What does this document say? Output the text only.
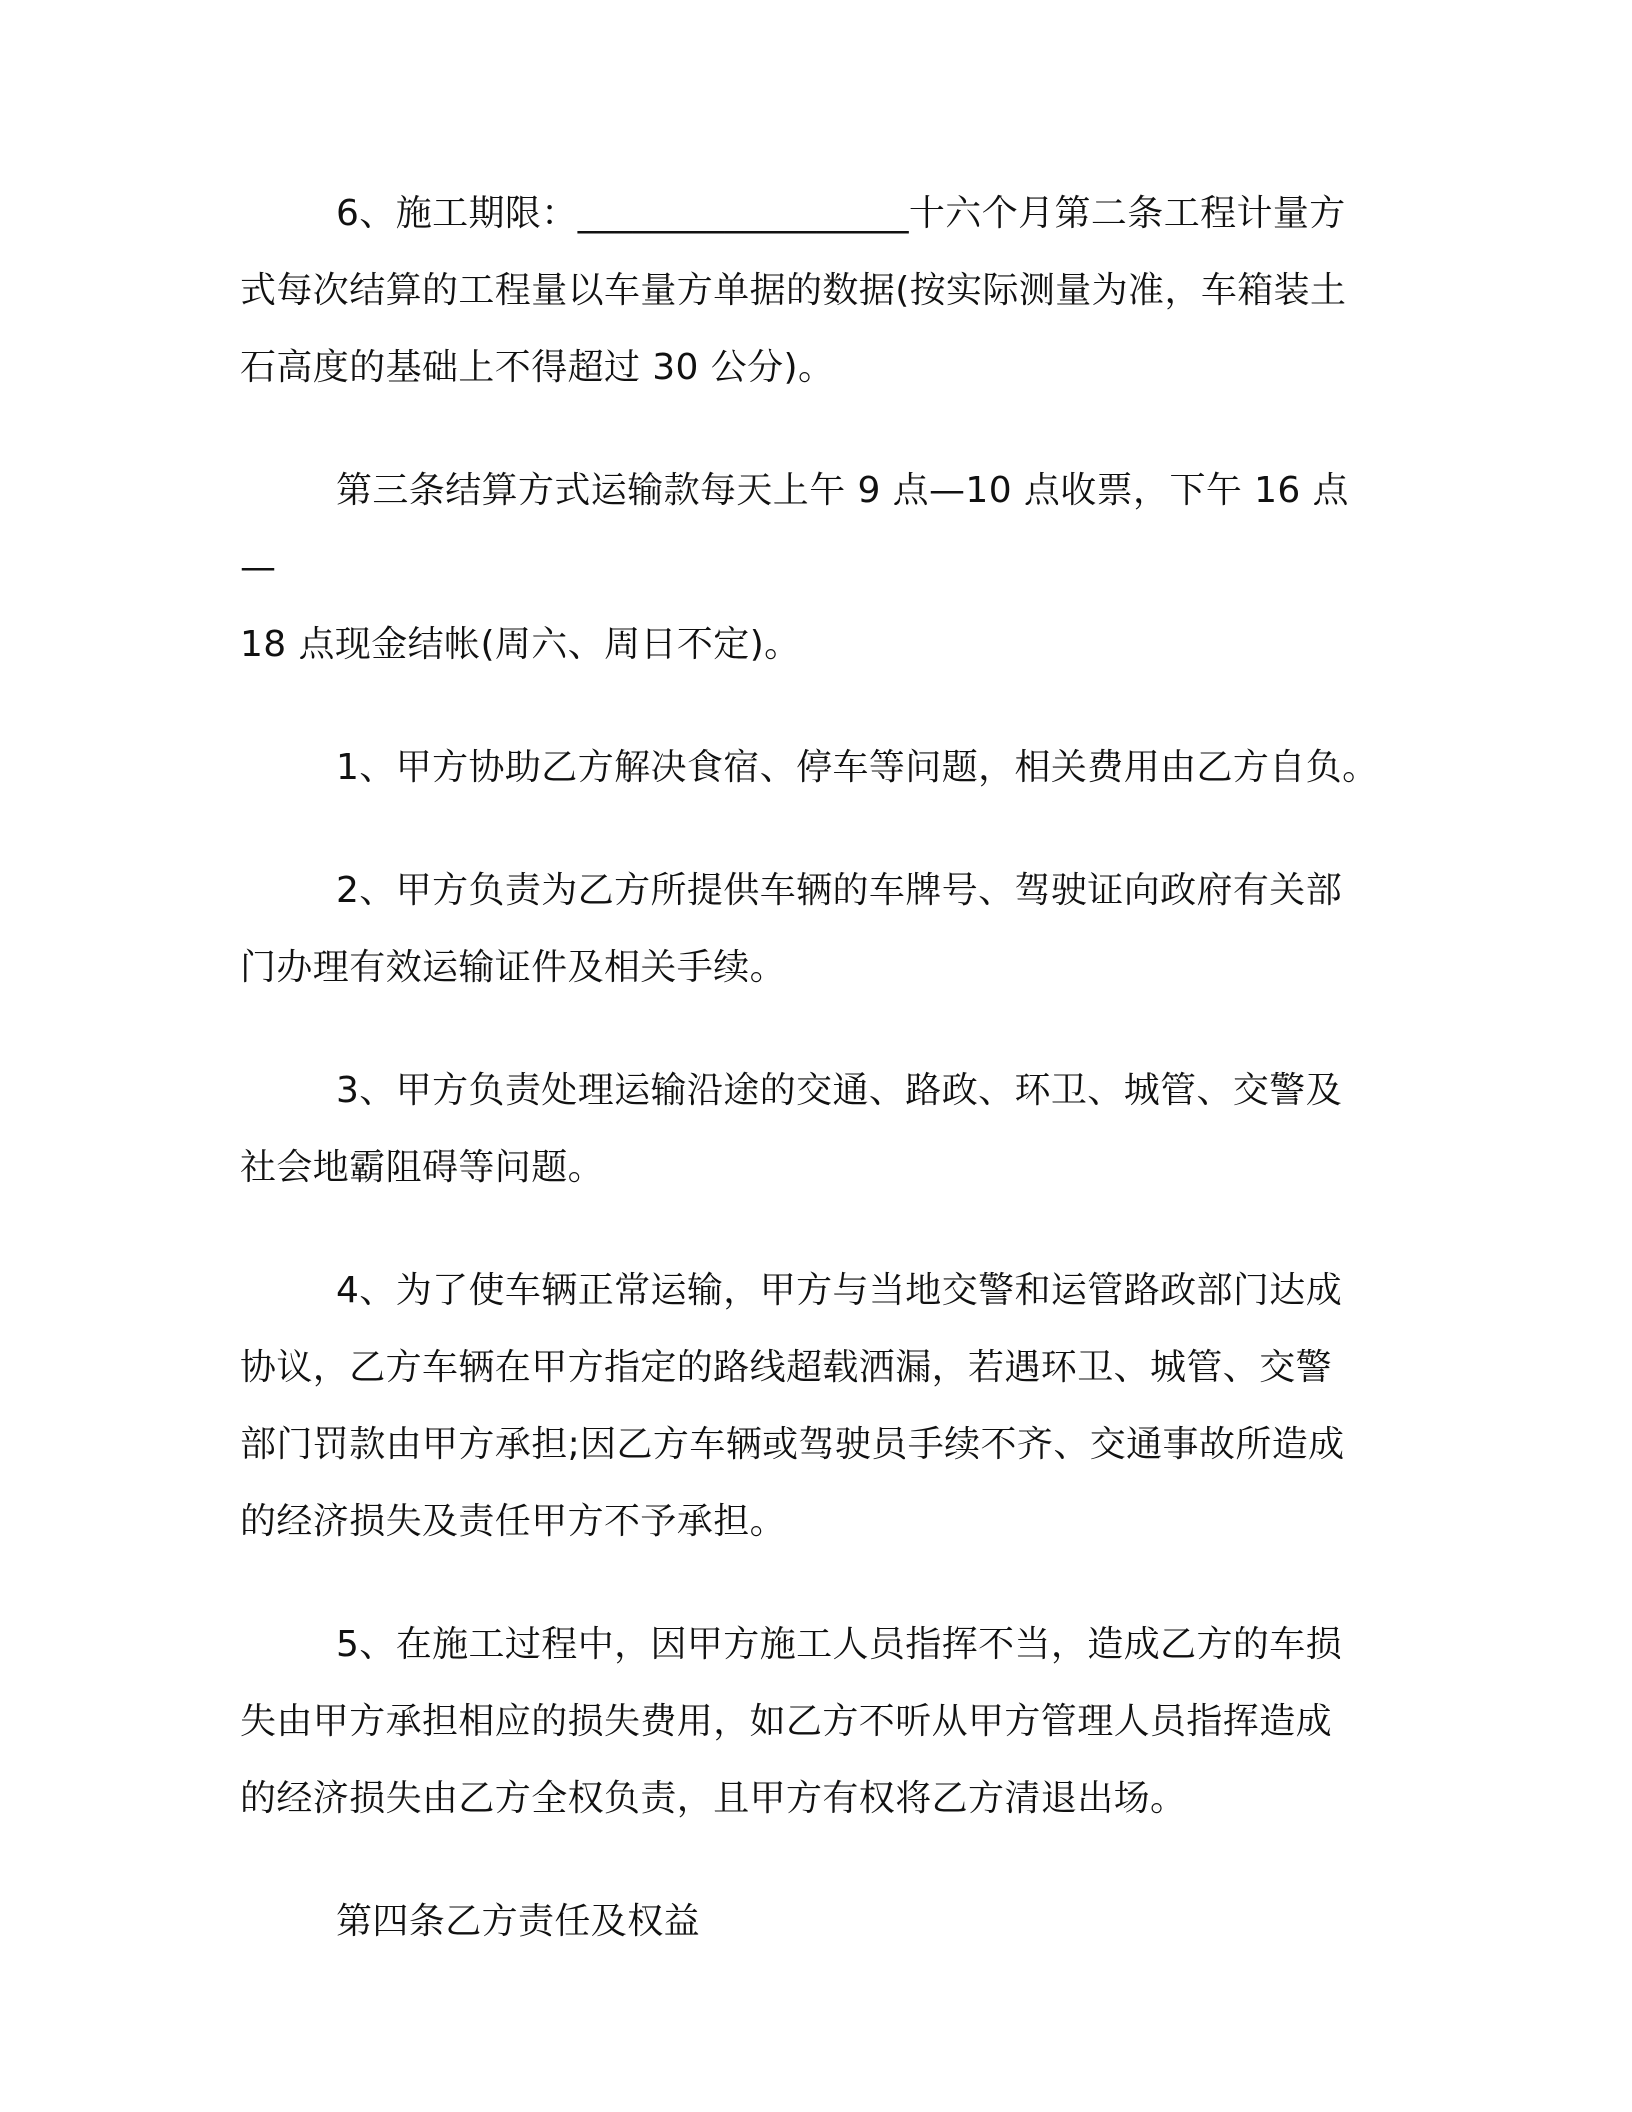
6、施工期限：__________________十六个月第二条工程计量方
式每次结算的工程量以车量方单据的数据(按实际测量为准，车箱装土
石高度的基础上不得超过 30 公分)。

第三条结算方式运输款每天上午 9 点—10 点收票，下午 16 点—
18 点现金结帐(周六、周日不定)。

1、甲方协助乙方解决食宿、停车等问题，相关费用由乙方自负。

2、甲方负责为乙方所提供车辆的车牌号、驾驶证向政府有关部
门办理有效运输证件及相关手续。

3、甲方负责处理运输沿途的交通、路政、环卫、城管、交警及
社会地霸阻碍等问题。

4、为了使车辆正常运输，甲方与当地交警和运管路政部门达成
协议，乙方车辆在甲方指定的路线超载洒漏，若遇环卫、城管、交警
部门罚款由甲方承担;因乙方车辆或驾驶员手续不齐、交通事故所造成
的经济损失及责任甲方不予承担。

5、在施工过程中，因甲方施工人员指挥不当，造成乙方的车损
失由甲方承担相应的损失费用，如乙方不听从甲方管理人员指挥造成
的经济损失由乙方全权负责，且甲方有权将乙方清退出场。

第四条乙方责任及权益
